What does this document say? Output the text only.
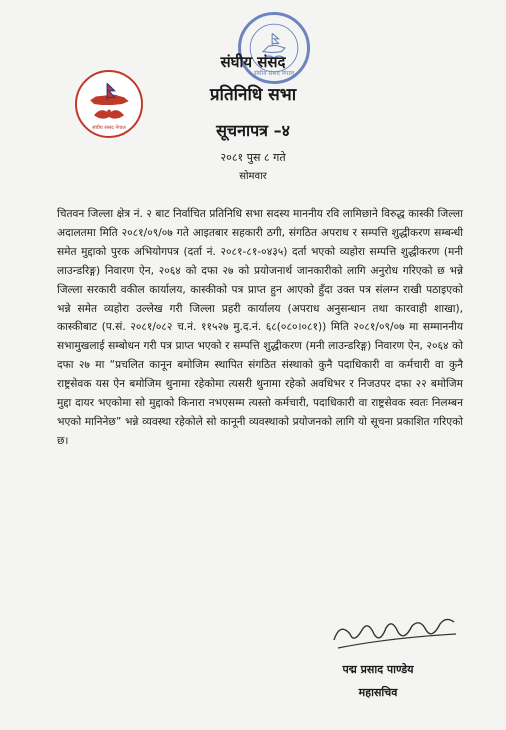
संघीय संसद नेपाल
संघीय संसद नेपाल
संघीय संसद
प्रतिनिधि सभा
सूचनापत्र –४
२०८१ पुस ८ गते
सोमवार

चितवन जिल्ला क्षेत्र नं. २ बाट निर्वाचित प्रतिनिधि सभा सदस्य माननीय रवि लामिछाने विरुद्ध कास्की जिल्ला अदालतमा मिति २०८१/०९/०७ गते आइतबार सहकारी ठगी, संगठित अपराध र सम्पत्ति शुद्धीकरण सम्बन्धी समेत मुद्दाको पुरक अभियोगपत्र (दर्ता नं. २०८१-८१-०४३५) दर्ता भएको व्यहोरा सम्पत्ति शुद्धीकरण (मनी लाउन्डरिङ्ग) निवारण ऐन, २०६४ को दफा २७ को प्रयोजनार्थ जानकारीको लागि अनुरोध गरिएको छ भन्ने जिल्ला सरकारी वकील कार्यालय, कास्कीको पत्र प्राप्त हुन आएको हुँदा उक्त पत्र संलग्न राखी पठाइएको भन्ने समेत व्यहोरा उल्लेख गरी जिल्ला प्रहरी कार्यालय (अपराध अनुसन्धान तथा कारवाही शाखा), कास्कीबाट (प.सं. २०८१/०८२ च.नं. ११५२७ मु.द.नं. ६८(०८०।०८१)) मिति २०८१/०९/०७ मा सम्माननीय सभामुखलाई सम्बोधन गरी पत्र प्राप्त भएको र सम्पत्ति शुद्धीकरण (मनी लाउन्डरिङ्ग) निवारण ऐन, २०६४ को दफा २७ मा “प्रचलित कानून बमोजिम स्थापित संगठित संस्थाको कुनै पदाधिकारी वा कर्मचारी वा कुनै राष्ट्रसेवक यस ऐन बमोजिम थुनामा रहेकोमा त्यसरी थुनामा रहेको अवधिभर र निजउपर दफा २२ बमोजिम मुद्दा दायर भएकोमा सो मुद्दाको किनारा नभएसम्म त्यस्तो कर्मचारी, पदाधिकारी वा राष्ट्रसेवक स्वतः निलम्बन भएको मानिनेछ” भन्ने व्यवस्था रहेकोले सो कानूनी व्यवस्थाको प्रयोजनको लागि यो सूचना प्रकाशित गरिएको छ।

पद्म प्रसाद पाण्डेय
महासचिव
